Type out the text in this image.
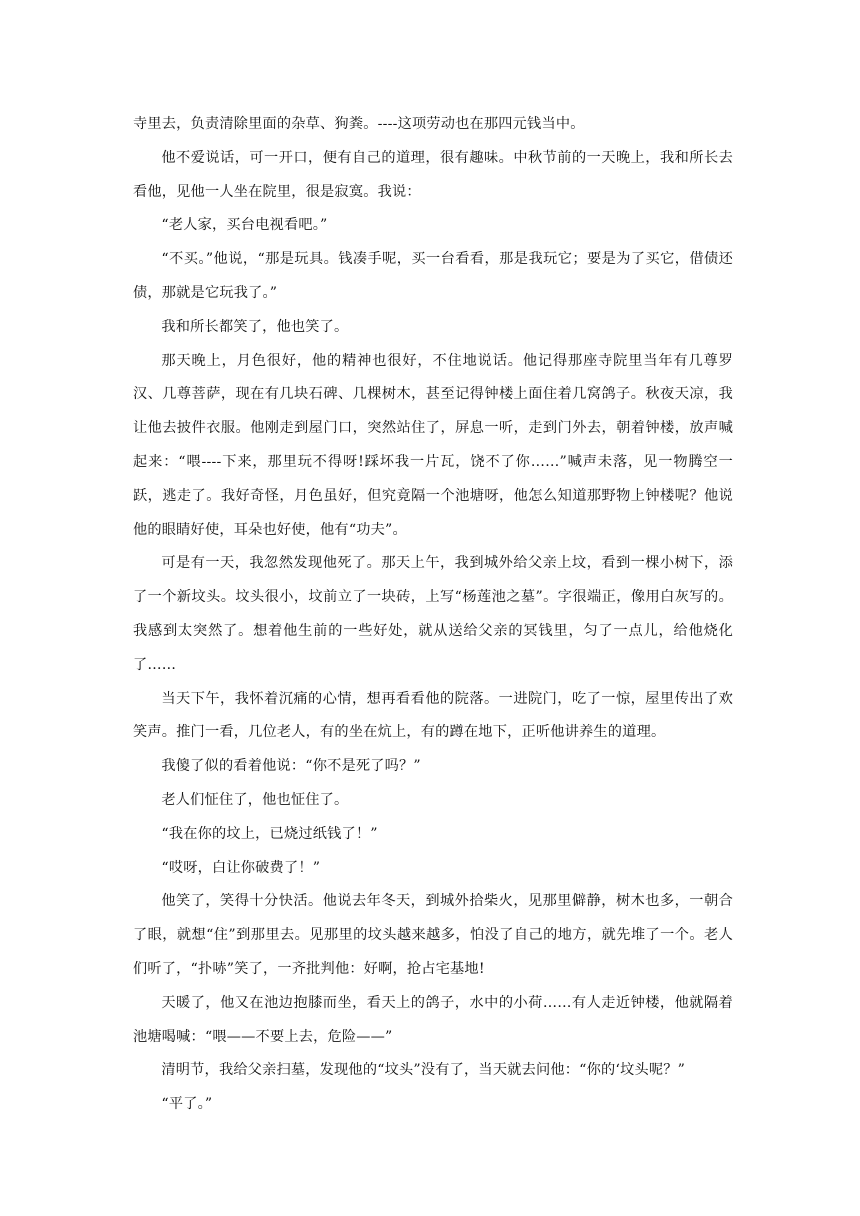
寺里去，负责清除里面的杂草、狗粪。----这项劳动也在那四元钱当中。

他不爱说话，可一开口，便有自己的道理，很有趣味。中秋节前的一天晚上，我和所长去看他，见他一人坐在院里，很是寂寞。我说：

“老人家，买台电视看吧。”

“不买。”他说，“那是玩具。钱凑手呢，买一台看看，那是我玩它；要是为了买它，借债还债，那就是它玩我了。”

我和所长都笑了，他也笑了。

那天晚上，月色很好，他的精神也很好，不住地说话。他记得那座寺院里当年有几尊罗汉、几尊菩萨，现在有几块石碑、几棵树木，甚至记得钟楼上面住着几窝鸽子。秋夜天凉，我让他去披件衣服。他刚走到屋门口，突然站住了，屏息一听，走到门外去，朝着钟楼，放声喊起来：“喂----下来，那里玩不得呀!踩坏我一片瓦，饶不了你……”喊声未落，见一物腾空一跃，逃走了。我好奇怪，月色虽好，但究竟隔一个池塘呀，他怎么知道那野物上钟楼呢？他说他的眼睛好使，耳朵也好使，他有“功夫”。

可是有一天，我忽然发现他死了。那天上午，我到城外给父亲上坟，看到一棵小树下，添了一个新坟头。坟头很小，坟前立了一块砖，上写“杨莲池之墓”。字很端正，像用白灰写的。我感到太突然了。想着他生前的一些好处，就从送给父亲的冥钱里，匀了一点儿，给他烧化了……

当天下午，我怀着沉痛的心情，想再看看他的院落。一进院门，吃了一惊，屋里传出了欢笑声。推门一看，几位老人，有的坐在炕上，有的蹲在地下，正听他讲养生的道理。

我傻了似的看着他说：“你不是死了吗？”

老人们怔住了，他也怔住了。

“我在你的坟上，已烧过纸钱了！”

“哎呀，白让你破费了！”

他笑了，笑得十分快活。他说去年冬天，到城外拾柴火，见那里僻静，树木也多，一朝合了眼，就想“住”到那里去。见那里的坟头越来越多，怕没了自己的地方，就先堆了一个。老人们听了，“扑哧”笑了，一齐批判他：好啊，抢占宅基地!

天暖了，他又在池边抱膝而坐，看天上的鸽子，水中的小荷……有人走近钟楼，他就隔着池塘喝喊：“喂——不要上去，危险——”

清明节，我给父亲扫墓，发现他的“坟头”没有了，当天就去问他：“你的‘坟头呢？”

“平了。”
